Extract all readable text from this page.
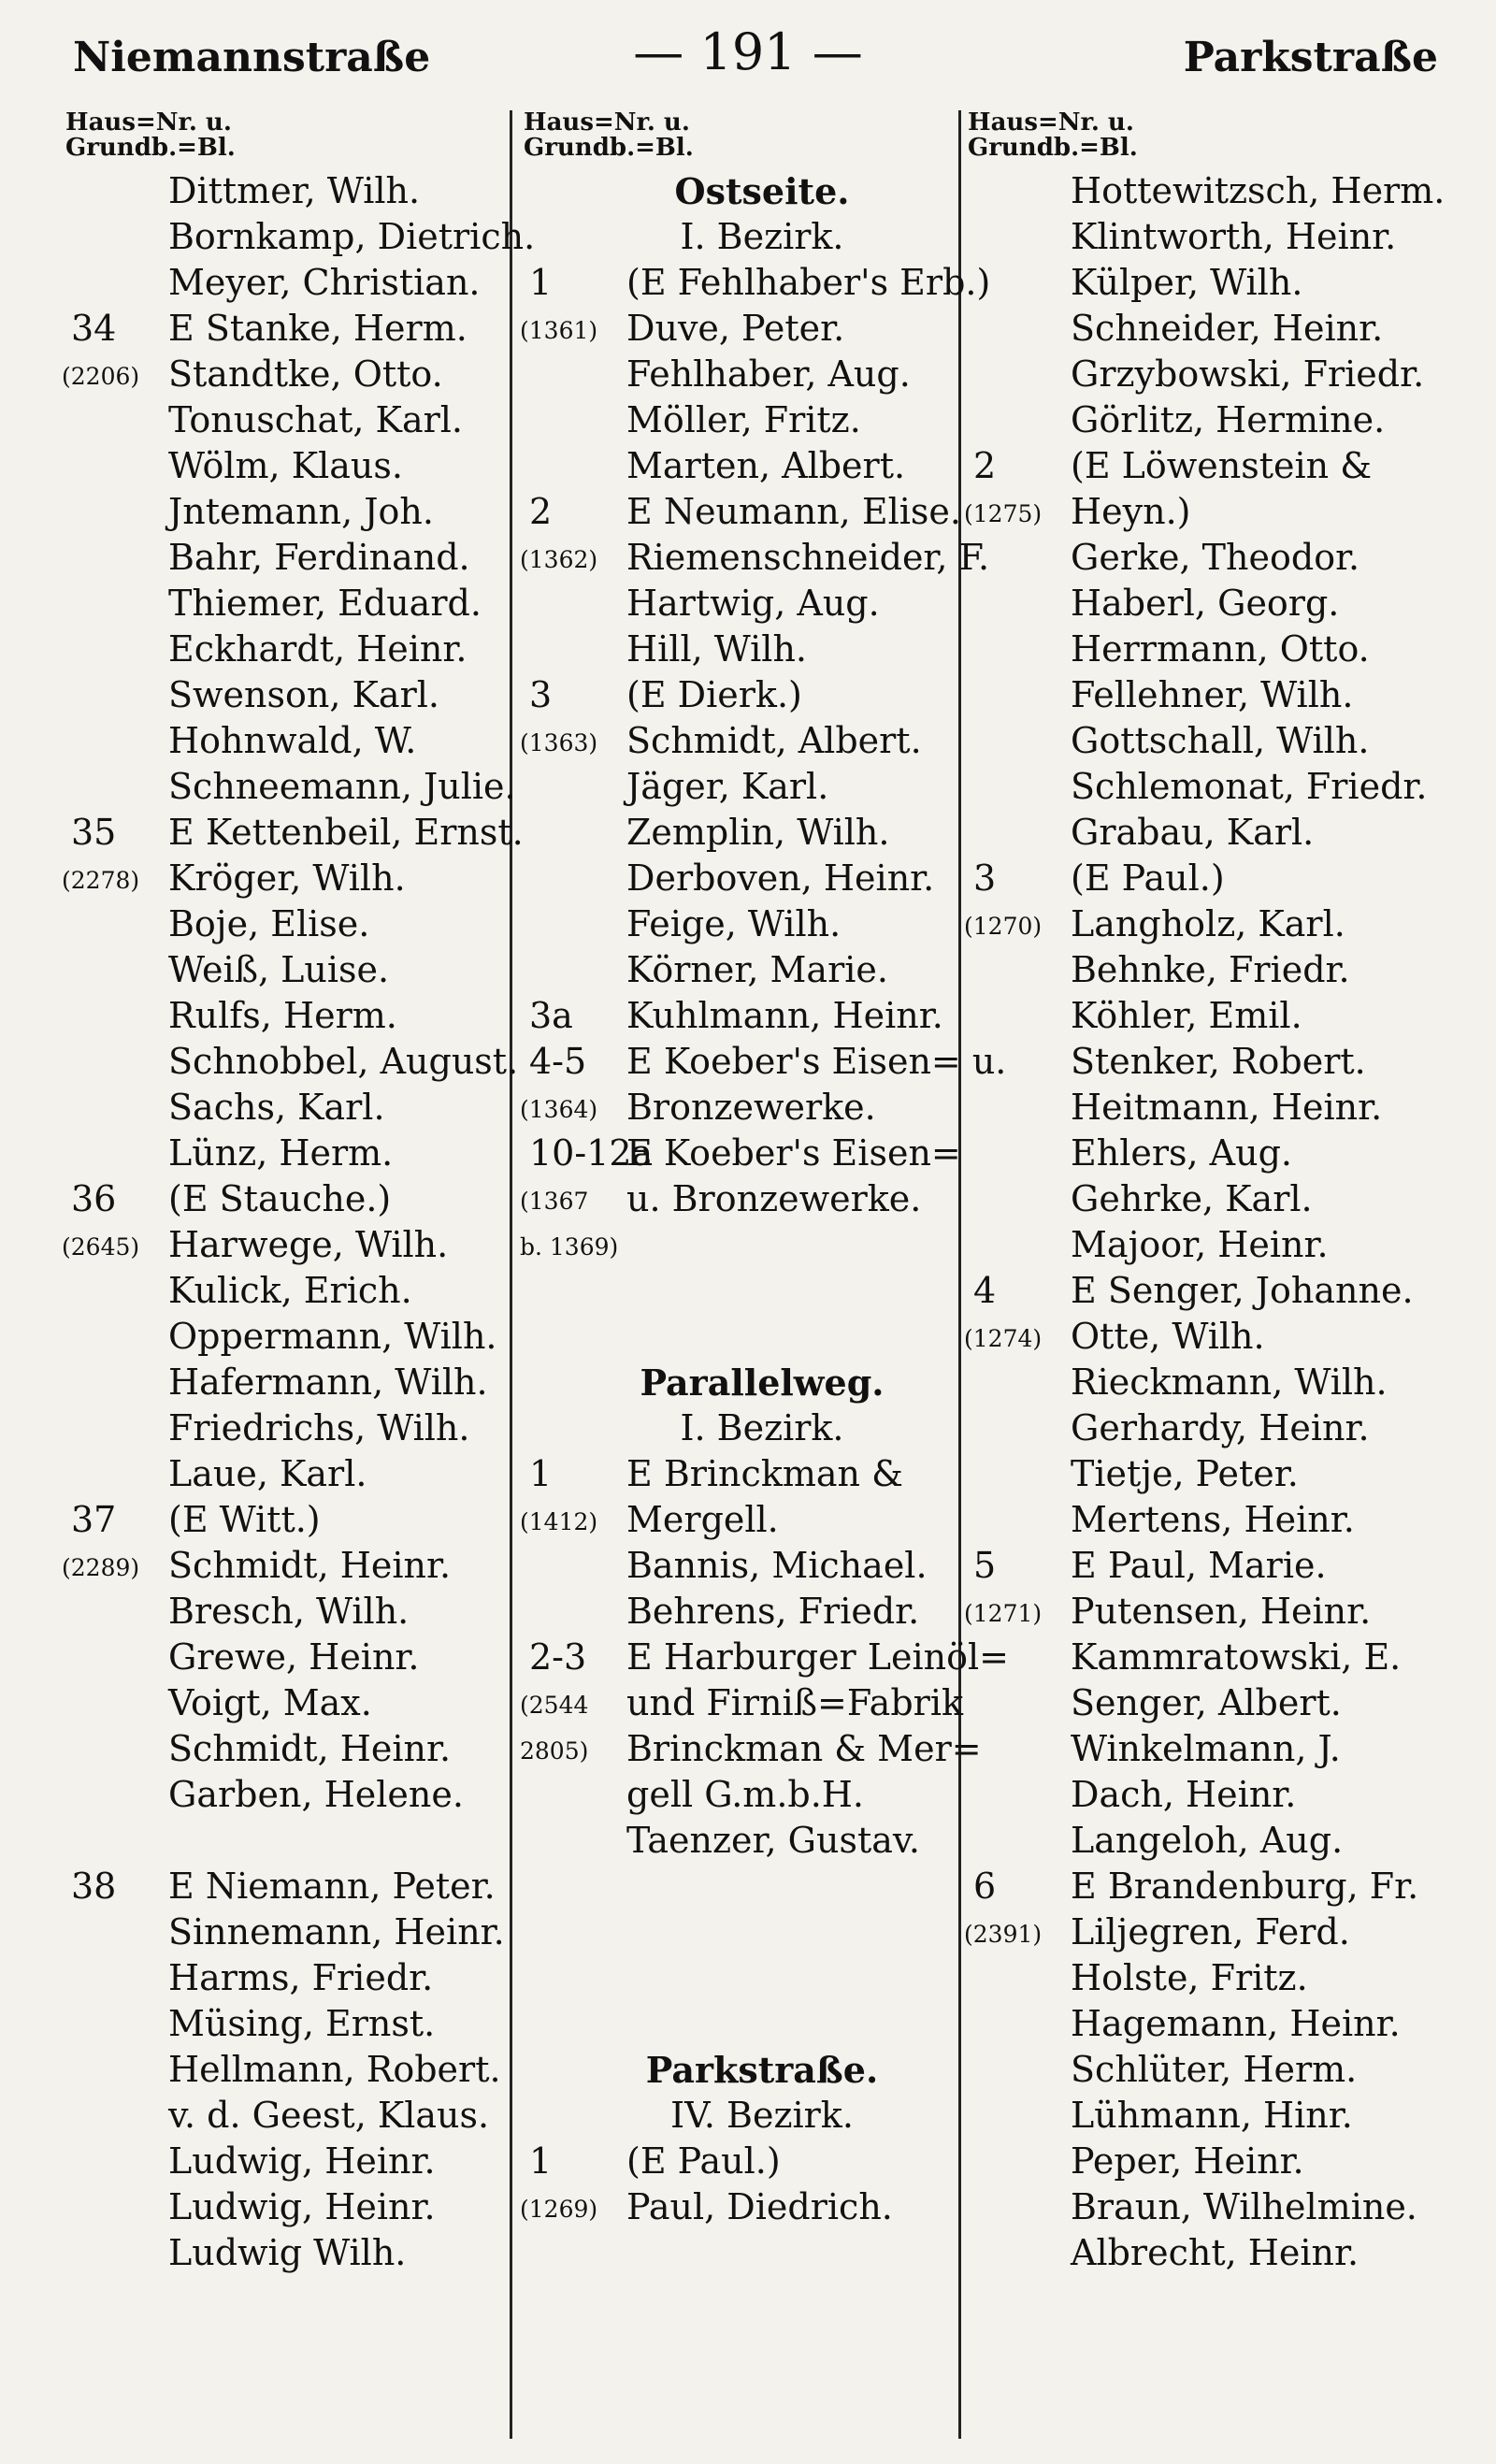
Niemannstraße	— 191 —	Parkstraße
Haus=Nr. u.
Grundb.=Bl.
Dittmer, Wilh.
Bornkamp, Dietrich.
Meyer, Christian.
34 E Stanke, Herm.
(2206) Standtke, Otto.
Tonuschat, Karl.
Wölm, Klaus.
Jntemann, Joh.
Bahr, Ferdinand.
Thiemer, Eduard.
Eckhardt, Heinr.
Swenson, Karl.
Hohnwald, W.
Schneemann, Julie.
35 E Kettenbeil, Ernst.
(2278) Kröger, Wilh.
Boje, Elise.
Weiß, Luise.
Rulfs, Herm.
Schnobbel, August.
Sachs, Karl.
Lünz, Herm.
36 (E Stauche.)
(2645) Harwege, Wilh.
Kulick, Erich.
Oppermann, Wilh.
Hafermann, Wilh.
Friedrichs, Wilh.
Laue, Karl.
37 (E Witt.)
(2289) Schmidt, Heinr.
Bresch, Wilh.
Grewe, Heinr.
Voigt, Max.
Schmidt, Heinr.
Garben, Helene.
38 E Niemann, Peter.
Sinnemann, Heinr.
Harms, Friedr.
Müsing, Ernst.
Hellmann, Robert.
v. d. Geest, Klaus.
Ludwig, Heinr.
Ludwig, Heinr.
Ludwig Wilh.
Haus=Nr. u.
Grundb.=Bl.
Ostseite.
I. Bezirk.
1 (E Fehlhaber's Erb.)
(1361) Duve, Peter.
Fehlhaber, Aug.
Möller, Fritz.
Marten, Albert.
2 E Neumann, Elise.
(1362) Riemenschneider, F.
Hartwig, Aug.
Hill, Wilh.
3 (E Dierk.)
(1363) Schmidt, Albert.
Jäger, Karl.
Zemplin, Wilh.
Derboven, Heinr.
Feige, Wilh.
Körner, Marie.
3a Kuhlmann, Heinr.
4-5 E Koeber's Eisen= u.
(1364) Bronzewerke.
10-12a
E Koeber's Eisen=
(1367 u. Bronzewerke.
b. 1369)
Parallelweg.
I. Bezirk.
1 E Brinckman &
(1412) Mergell.
Bannis, Michael.
Behrens, Friedr.
2-3 E Harburger Leinöl=
(2544 und Firniß=Fabrik
2805) Brinckman & Mer=
gell G.m.b.H.
Taenzer, Gustav.
Parkstraße.
IV. Bezirk.
1 (E Paul.)
(1269) Paul, Diedrich.
Haus=Nr. u.
Grundb.=Bl.
Hottewitzsch, Herm.
Klintworth, Heinr.
Külper, Wilh.
Schneider, Heinr.
Grzybowski, Friedr.
Görlitz, Hermine.
2 (E Löwenstein &
(1275) Heyn.)
Gerke, Theodor.
Haberl, Georg.
Herrmann, Otto.
Fellehner, Wilh.
Gottschall, Wilh.
Schlemonat, Friedr.
Grabau, Karl.
3 (E Paul.)
(1270) Langholz, Karl.
Behnke, Friedr.
Köhler, Emil.
Stenker, Robert.
Heitmann, Heinr.
Ehlers, Aug.
Gehrke, Karl.
Majoor, Heinr.
4 E Senger, Johanne.
(1274) Otte, Wilh.
Rieckmann, Wilh.
Gerhardy, Heinr.
Tietje, Peter.
Mertens, Heinr.
5 E Paul, Marie.
(1271) Putensen, Heinr.
Kammratowski, E.
Senger, Albert.
Winkelmann, J.
Dach, Heinr.
Langeloh, Aug.
6 E Brandenburg, Fr.
(2391) Liljegren, Ferd.
Holste, Fritz.
Hagemann, Heinr.
Schlüter, Herm.
Lühmann, Hinr.
Peper, Heinr.
Braun, Wilhelmine.
Albrecht, Heinr.
